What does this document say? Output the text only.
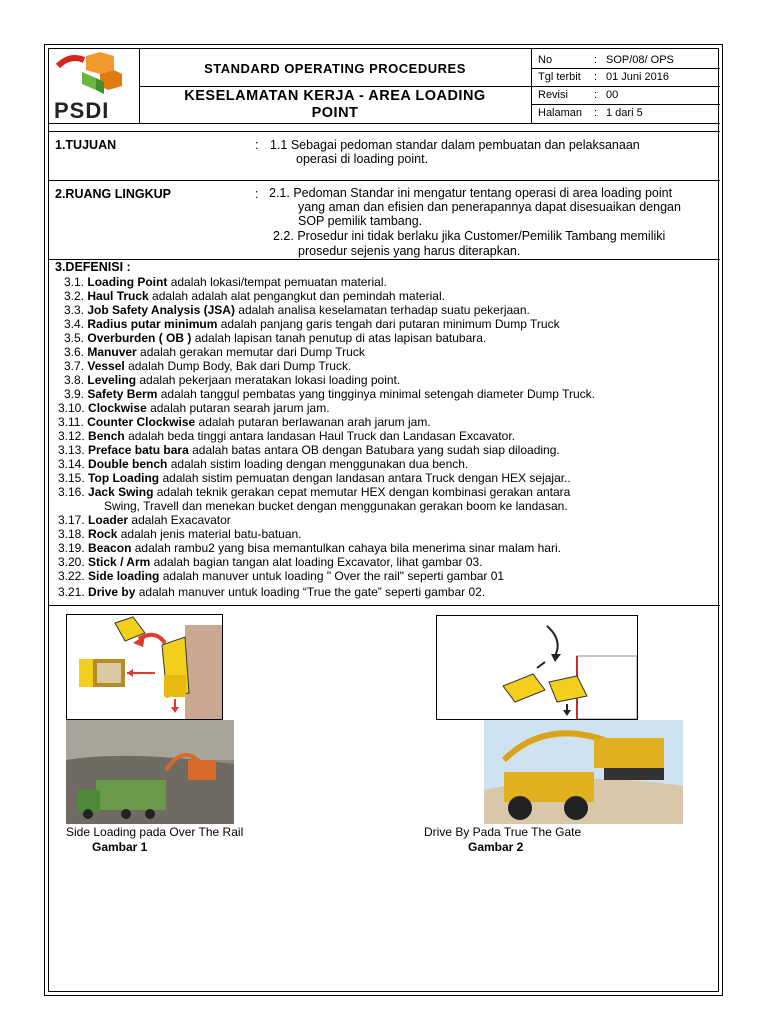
PSDI
STANDARD OPERATING PROCEDURES
KESELAMATAN KERJA - AREA LOADING
POINT
No	: SOP/08/ OPS
Tgl terbit : 01 Juni 2016
Revisi : 00
Halaman : 1 dari 5
1.TUJUAN	: 1.1 Sebagai pedoman standar dalam pembuatan dan pelaksanaan
operasi di loading point.
2.RUANG LINGKUP	: 2.1. Pedoman Standar ini mengatur tentang operasi di area loading point
yang aman dan efisien dan penerapannya dapat disesuaikan dengan
SOP pemilik tambang.
2.2. Prosedur ini tidak berlaku jika Customer/Pemilik Tambang memiliki
prosedur sejenis yang harus diterapkan.
3.DEFENISI :
3.1. Loading Point adalah lokasi/tempat pemuatan material.
3.2. Haul Truck adalah adalah alat pengangkut dan pemindah material.
3.3. Job Safety Analysis (JSA) adalah analisa keselamatan terhadap suatu pekerjaan.
3.4. Radius putar minimum adalah panjang garis tengah dari putaran minimum Dump Truck
3.5. Overburden ( OB ) adalah lapisan tanah penutup di atas lapisan batubara.
3.6. Manuver adalah gerakan memutar dari Dump Truck
3.7. Vessel adalah Dump Body, Bak dari Dump Truck.
3.8. Leveling adalah pekerjaan meratakan lokasi loading point.
3.9. Safety Berm adalah tanggul pembatas yang tingginya minimal setengah diameter Dump Truck.
3.10. Clockwise adalah putaran searah jarum jam.
3.11. Counter Clockwise adalah putaran berlawanan arah jarum jam.
3.12. Bench adalah beda tinggi antara landasan Haul Truck dan Landasan Excavator.
3.13. Preface batu bara adalah batas antara OB dengan Batubara yang sudah siap diloading.
3.14. Double bench adalah sistim loading dengan menggunakan dua bench.
3.15. Top Loading adalah sistim pemuatan dengan landasan antara Truck dengan HEX sejajar..
3.16. Jack Swing adalah teknik gerakan cepat memutar HEX dengan kombinasi gerakan antara
Swing, Travell dan menekan bucket dengan menggunakan gerakan boom ke landasan.
3.17. Loader adalah Exacavator
3.18. Rock adalah jenis material batu-batuan.
3.19. Beacon adalah rambu2 yang bisa memantulkan cahaya bila menerima sinar malam hari.
3.20. Stick / Arm adalah bagian tangan alat loading Excavator, lihat gambar 03.
3.22. Side loading adalah manuver untuk loading " Over the rail" seperti gambar 01
3.21. Drive by adalah manuver untuk loading “True the gate” seperti gambar 02.
Side Loading pada Over The Rail
Gambar 1
Drive By Pada True The Gate
Gambar 2
